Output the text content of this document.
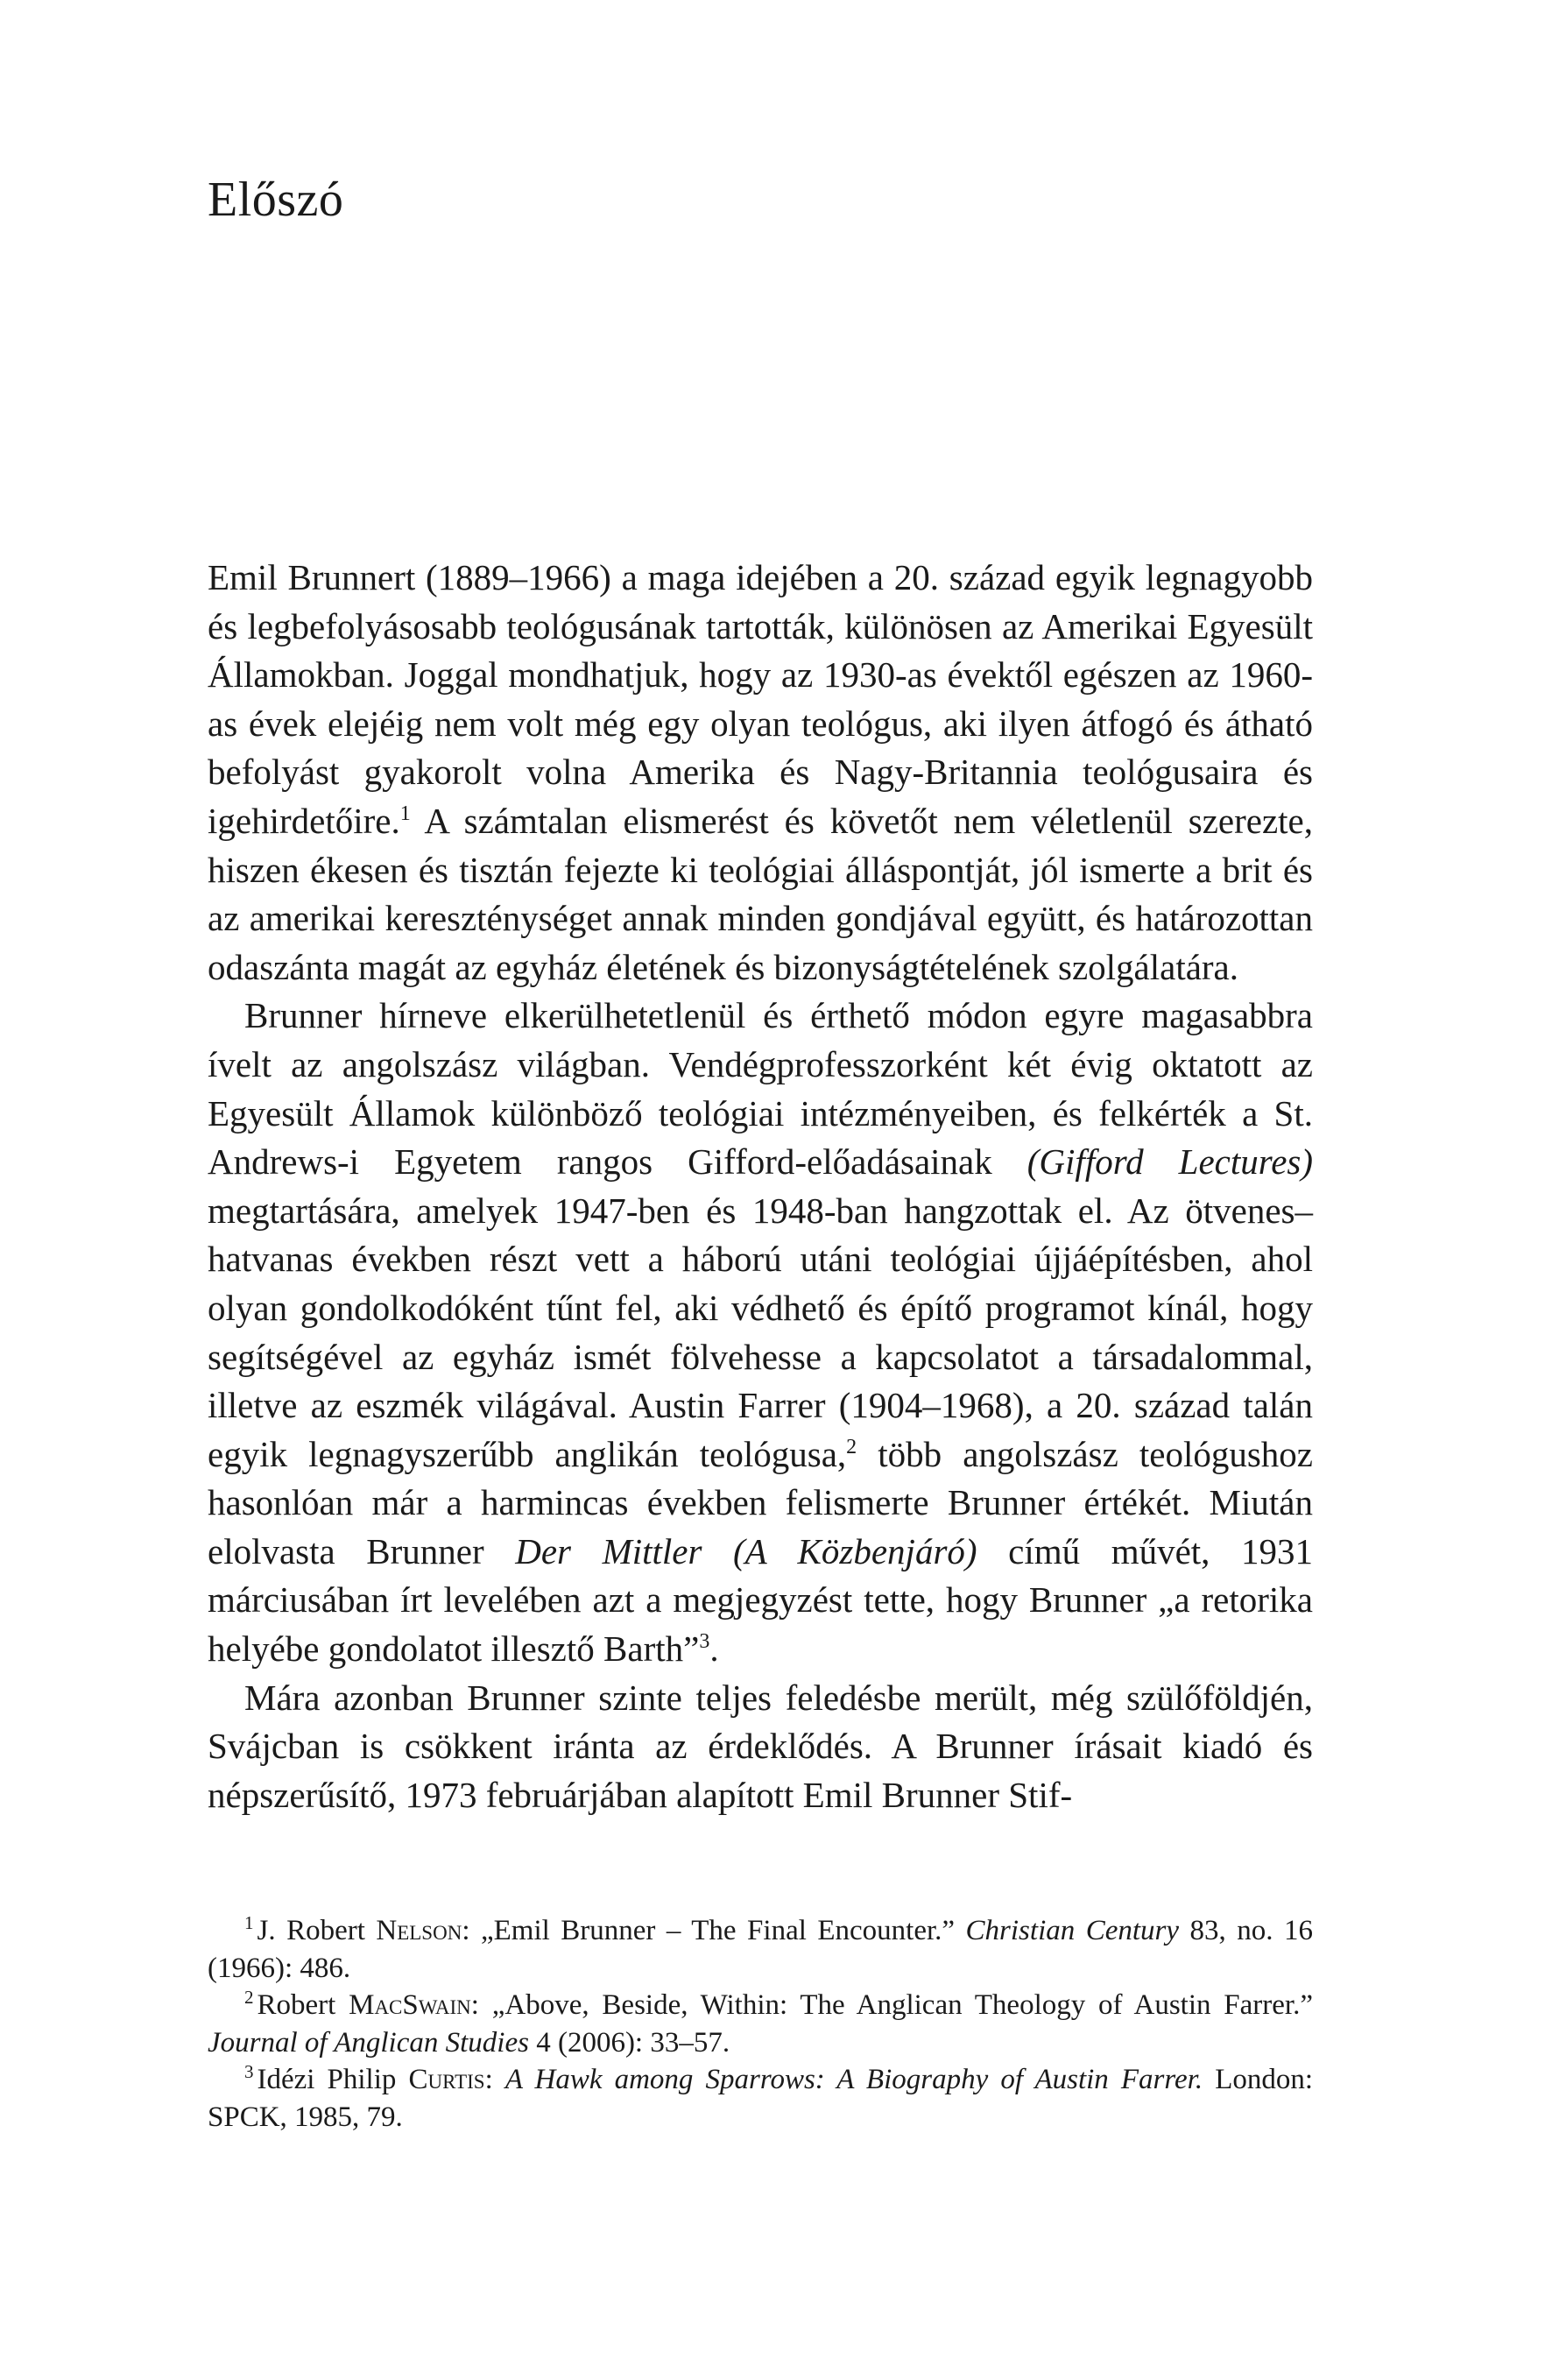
Előszó

Emil Brunnert (1889–1966) a maga idejében a 20. század egyik legnagyobb és legbefolyásosabb teológusának tartották, különösen az Amerikai Egyesült Államokban. Joggal mondhatjuk, hogy az 1930-as évektől egészen az 1960-as évek elejéig nem volt még egy olyan teológus, aki ilyen átfogó és átható befolyást gyakorolt volna Amerika és Nagy-Britannia teológusaira és igehirdetőire.$^1$ A számtalan elismerést és követőt nem véletlenül szerezte, hiszen ékesen és tisztán fejezte ki teológiai álláspontját, jól ismerte a brit és az amerikai kereszténységet annak minden gondjával együtt, és határozottan odaszánta magát az egyház életének és bizonyságtételének szolgálatára.

Brunner hírneve elkerülhetetlenül és érthető módon egyre magasabbra ívelt az angolszász világban. Vendégprofesszorként két évig oktatott az Egyesült Államok különböző teológiai intézményeiben, és felkérték a St. Andrews-i Egyetem rangos Gifford-előadásainak (Gifford Lectures) megtartására, amelyek 1947-ben és 1948-ban hangzottak el. Az ötvenes–hatvanas években részt vett a háború utáni teológiai újjáépítésben, ahol olyan gondolkodóként tűnt fel, aki védhető és építő programot kínál, hogy segítségével az egyház ismét fölvehesse a kapcsolatot a társadalommal, illetve az eszmék világával. Austin Farrer (1904–1968), a 20. század talán egyik legnagyszerűbb anglikán teológusa,$^2$ több angolszász teológushoz hasonlóan már a harmincas években felismerte Brunner értékét. Miután elolvasta Brunner Der Mittler (A Közbenjáró) című művét, 1931 márciusában írt levelében azt a megjegyzést tette, hogy Brunner „a retorika helyébe gondolatot illesztő Barth”$^3$.

Mára azonban Brunner szinte teljes feledésbe merült, még szülőföldjén, Svájcban is csökkent iránta az érdeklődés. A Brunner írásait kiadó és népszerűsítő, 1973 februárjában alapított Emil Brunner Stif-

$^1$ J. Robert Nelson: „Emil Brunner – The Final Encounter.” Christian Century 83, no. 16 (1966): 486.

$^2$ Robert MacSwain: „Above, Beside, Within: The Anglican Theology of Austin Farrer.” Journal of Anglican Studies 4 (2006): 33–57.

$^3$ Idézi Philip Curtis: A Hawk among Sparrows: A Biography of Austin Farrer. London: SPCK, 1985, 79.
